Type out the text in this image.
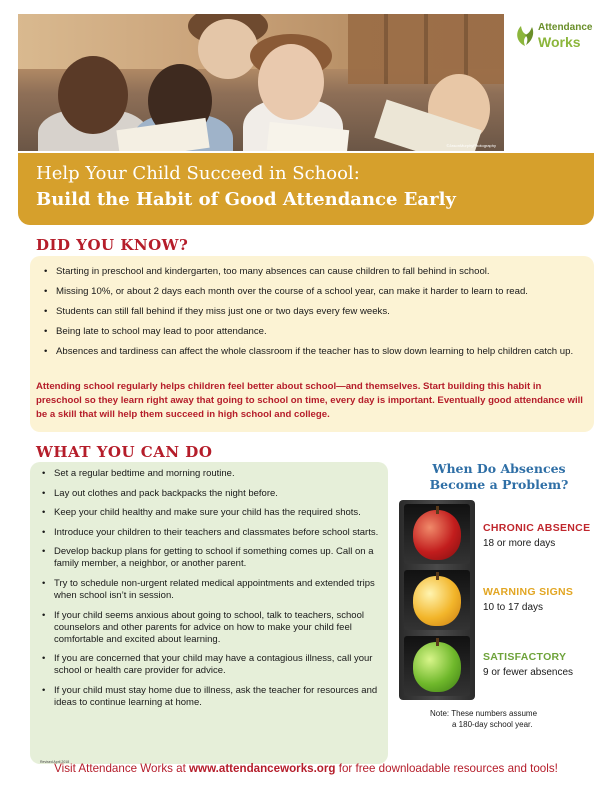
©JasonMurphyPhotography
Attendance
Works
Help Your Child Succeed in School:
Build the Habit of Good Attendance Early
DID YOU KNOW?
• Starting in preschool and kindergarten, too many absences can cause children to fall behind in school.
• Missing 10%, or about 2 days each month over the course of a school year, can make it harder to learn to read.
• Students can still fall behind if they miss just one or two days every few weeks.
• Being late to school may lead to poor attendance.
• Absences and tardiness can affect the whole classroom if the teacher has to slow down learning to help children catch up.
Attending school regularly helps children feel better about school—and themselves. Start building this habit in preschool so they learn right away that going to school on time, every day is important. Eventually good attendance will be a skill that will help them succeed in high school and college.
WHAT YOU CAN DO
• Set a regular bedtime and morning routine.
• Lay out clothes and pack backpacks the night before.
• Keep your child healthy and make sure your child has the required shots.
• Introduce your children to their teachers and classmates before school starts.
• Develop backup plans for getting to school if something comes up. Call on a family member, a neighbor, or another parent.
• Try to schedule non-urgent related medical appointments and extended trips when school isn’t in session.
• If your child seems anxious about going to school, talk to teachers, school counselors and other parents for advice on how to make your child feel comfortable and excited about learning.
• If you are concerned that your child may have a contagious illness, call your school or health care provider for advice.
• If your child must stay home due to illness, ask the teacher for resources and ideas to continue learning at home.
Revised April 2018
When Do Absences
Become a Problem?
CHRONIC ABSENCE
18 or more days
WARNING SIGNS
10 to 17 days
SATISFACTORY
9 or fewer absences
Note: These numbers assume
a 180-day school year.
Visit Attendance Works at www.attendanceworks.org for free downloadable resources and tools!
